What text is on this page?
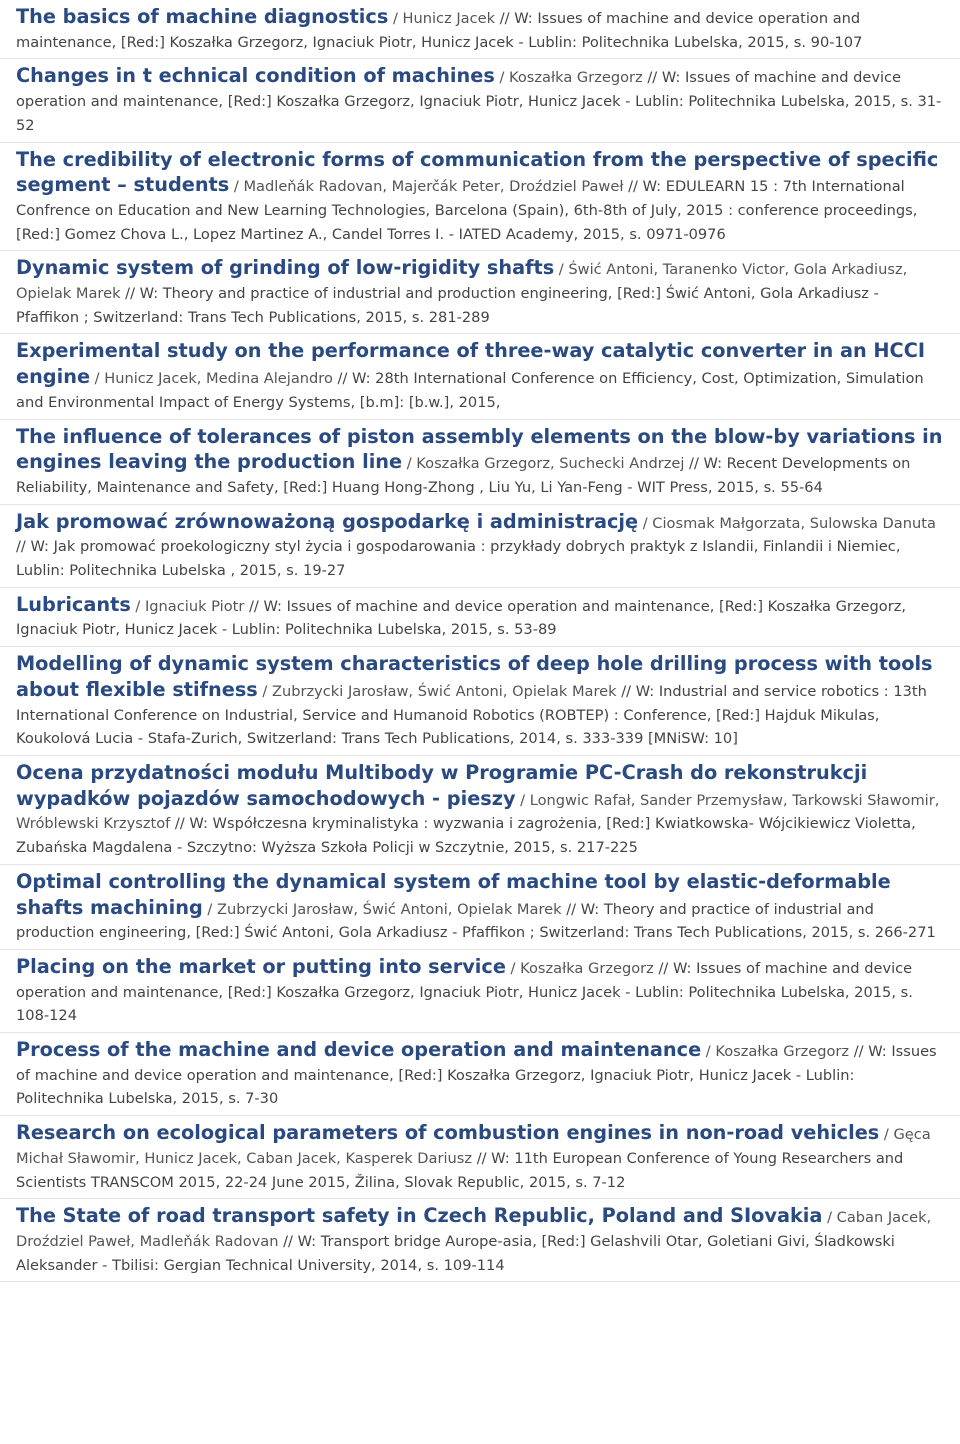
The basics of machine diagnostics / Hunicz Jacek // W: Issues of machine and device operation and maintenance, [Red:] Koszałka Grzegorz, Ignaciuk Piotr, Hunicz Jacek - Lublin: Politechnika Lubelska, 2015, s. 90-107
Changes in t echnical condition of machines / Koszałka Grzegorz // W: Issues of machine and device operation and maintenance, [Red:] Koszałka Grzegorz, Ignaciuk Piotr, Hunicz Jacek - Lublin: Politechnika Lubelska, 2015, s. 31-52
The credibility of electronic forms of communication from the perspective of specific segment – students / Madleňák Radovan, Majerčák Peter, Droździel Paweł // W: EDULEARN 15 : 7th International Confrence on Education and New Learning Technologies, Barcelona (Spain), 6th-8th of July, 2015 : conference proceedings, [Red:] Gomez Chova L., Lopez Martinez A., Candel Torres I. - IATED Academy, 2015, s. 0971-0976
Dynamic system of grinding of low-rigidity shafts / Świć Antoni, Taranenko Victor, Gola Arkadiusz, Opielak Marek // W: Theory and practice of industrial and production engineering, [Red:] Świć Antoni, Gola Arkadiusz - Pfaffikon ; Switzerland: Trans Tech Publications, 2015, s. 281-289
Experimental study on the performance of three-way catalytic converter in an HCCI engine / Hunicz Jacek, Medina Alejandro // W: 28th International Conference on Efficiency, Cost, Optimization, Simulation and Environmental Impact of Energy Systems, [b.m]: [b.w.], 2015,
The influence of tolerances of piston assembly elements on the blow-by variations in engines leaving the production line / Koszałka Grzegorz, Suchecki Andrzej // W: Recent Developments on Reliability, Maintenance and Safety, [Red:] Huang Hong-Zhong , Liu Yu, Li Yan-Feng - WIT Press, 2015, s. 55-64
Jak promować zrównoważoną gospodarkę i administrację / Ciosmak Małgorzata, Sulowska Danuta // W: Jak promować proekologiczny styl życia i gospodarowania : przykłady dobrych praktyk z Islandii, Finlandii i Niemiec, Lublin: Politechnika Lubelska , 2015, s. 19-27
Lubricants / Ignaciuk Piotr // W: Issues of machine and device operation and maintenance, [Red:] Koszałka Grzegorz, Ignaciuk Piotr, Hunicz Jacek - Lublin: Politechnika Lubelska, 2015, s. 53-89
Modelling of dynamic system characteristics of deep hole drilling process with tools about flexible stifness / Zubrzycki Jarosław, Świć Antoni, Opielak Marek // W: Industrial and service robotics : 13th International Conference on Industrial, Service and Humanoid Robotics (ROBTEP) : Conference, [Red:] Hajduk Mikulas, Koukolová Lucia - Stafa-Zurich, Switzerland: Trans Tech Publications, 2014, s. 333-339 [MNiSW: 10]
Ocena przydatności modułu Multibody w Programie PC-Crash do rekonstrukcji wypadków pojazdów samochodowych - pieszy / Longwic Rafał, Sander Przemysław, Tarkowski Sławomir, Wróblewski Krzysztof // W: Współczesna kryminalistyka : wyzwania i zagrożenia, [Red:] Kwiatkowska- Wójcikiewicz Violetta, Zubańska Magdalena - Szczytno: Wyższa Szkoła Policji w Szczytnie, 2015, s. 217-225
Optimal controlling the dynamical system of machine tool by elastic-deformable shafts machining / Zubrzycki Jarosław, Świć Antoni, Opielak Marek // W: Theory and practice of industrial and production engineering, [Red:] Świć Antoni, Gola Arkadiusz - Pfaffikon ; Switzerland: Trans Tech Publications, 2015, s. 266-271
Placing on the market or putting into service / Koszałka Grzegorz // W: Issues of machine and device operation and maintenance, [Red:] Koszałka Grzegorz, Ignaciuk Piotr, Hunicz Jacek - Lublin: Politechnika Lubelska, 2015, s. 108-124
Process of the machine and device operation and maintenance / Koszałka Grzegorz // W: Issues of machine and device operation and maintenance, [Red:] Koszałka Grzegorz, Ignaciuk Piotr, Hunicz Jacek - Lublin: Politechnika Lubelska, 2015, s. 7-30
Research on ecological parameters of combustion engines in non-road vehicles / Gęca Michał Sławomir, Hunicz Jacek, Caban Jacek, Kasperek Dariusz // W: 11th European Conference of Young Researchers and Scientists TRANSCOM 2015, 22-24 June 2015, Žilina, Slovak Republic, 2015, s. 7-12
The State of road transport safety in Czech Republic, Poland and SIovakia / Caban Jacek, Droździel Paweł, Madleňák Radovan // W: Transport bridge Aurope-asia, [Red:] Gelashvili Otar, Goletiani Givi, Śladkowski Aleksander - Tbilisi: Gergian Technical University, 2014, s. 109-114
